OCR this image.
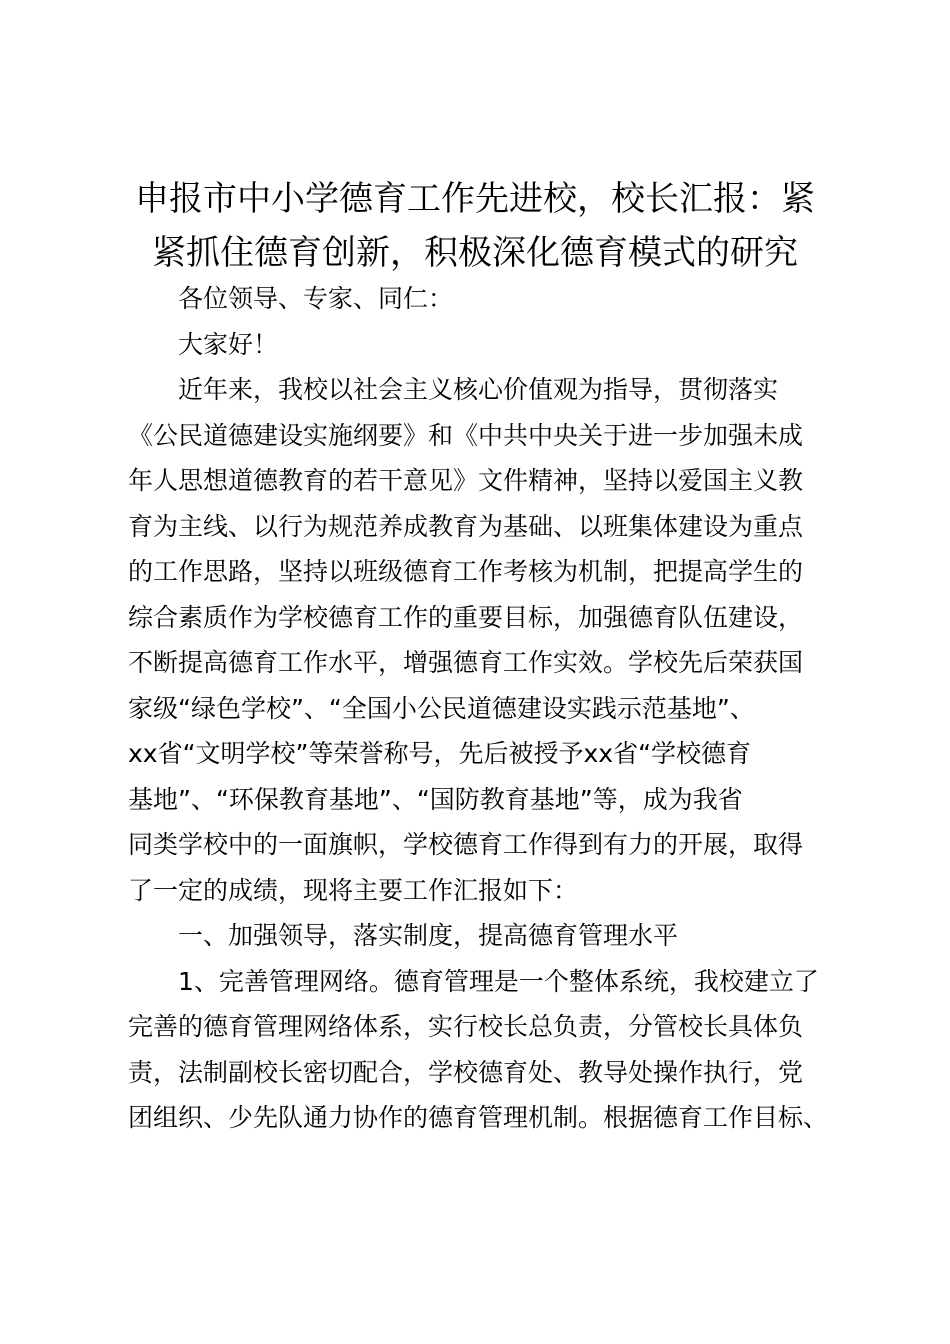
申报市中小学德育工作先进校，校长汇报：紧
紧抓住德育创新，积极深化德育模式的研究
各位领导、专家、同仁：
大家好！
近年来，我校以社会主义核心价值观为指导，贯彻落实
《公民道德建设实施纲要》和《中共中央关于进一步加强未成
年人思想道德教育的若干意见》文件精神，坚持以爱国主义教
育为主线、以行为规范养成教育为基础、以班集体建设为重点
的工作思路，坚持以班级德育工作考核为机制，把提高学生的
综合素质作为学校德育工作的重要目标，加强德育队伍建设，
不断提高德育工作水平，增强德育工作实效。学校先后荣获国
家级“绿色学校”、“全国小公民道德建设实践示范基地”、
xx省“文明学校”等荣誉称号，先后被授予xx省“学校德育
基地”、“环保教育基地”、“国防教育基地”等，成为我省
同类学校中的一面旗帜，学校德育工作得到有力的开展，取得
了一定的成绩，现将主要工作汇报如下：
一、加强领导，落实制度，提高德育管理水平
1、完善管理网络。德育管理是一个整体系统，我校建立了
完善的德育管理网络体系，实行校长总负责，分管校长具体负
责，法制副校长密切配合，学校德育处、教导处操作执行，党
团组织、少先队通力协作的德育管理机制。根据德育工作目标、
